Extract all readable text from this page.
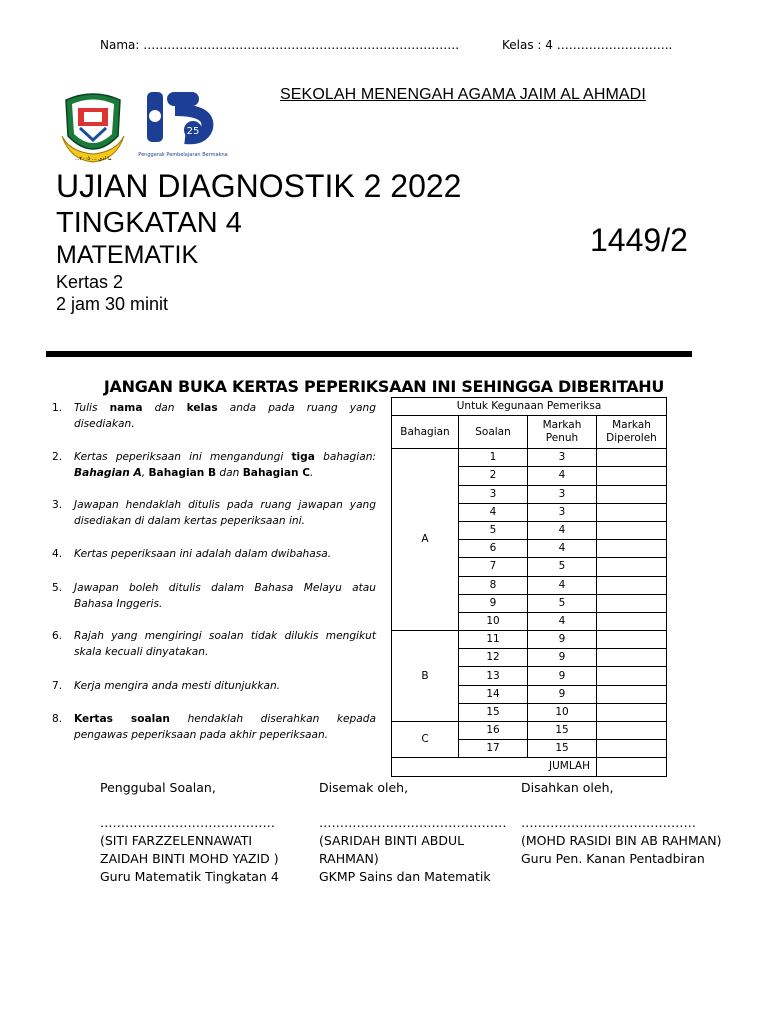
Nama: …………………………………………………………………….	Kelas : 4 ………………………..
…ما ادي … ٢٠٠٥
25
Penggerak Pembelajaran Bermakna
SEKOLAH MENENGAH AGAMA JAIM AL AHMADI
UJIAN DIAGNOSTIK 2 2022
TINGKATAN 4
MATEMATIK
Kertas 2
2 jam 30 minit
1449/2
JANGAN BUKA KERTAS PEPERIKSAAN INI SEHINGGA DIBERITAHU
1. Tulis nama dan kelas anda pada ruang yang disediakan.
2. Kertas peperiksaan ini mengandungi tiga bahagian: Bahagian A, Bahagian B dan Bahagian C.
3. Jawapan hendaklah ditulis pada ruang jawapan yang disediakan di dalam kertas peperiksaan ini.
4. Kertas peperiksaan ini adalah dalam dwibahasa.
5. Jawapan boleh ditulis dalam Bahasa Melayu atau Bahasa Inggeris.
6. Rajah yang mengiringi soalan tidak dilukis mengikut skala kecuali dinyatakan.
7. Kerja mengira anda mesti ditunjukkan.
8. Kertas soalan hendaklah diserahkan kepada pengawas peperiksaan pada akhir peperiksaan.
Untuk Kegunaan Pemeriksa			
Bahagian	Soalan	Markah Penuh	Markah Diperoleh
A	1	3	
	2	4	
	3	3	
	4	3	
	5	4	
	6	4	
	7	5	
	8	4	
	9	5	
	10	4	
B	11	9	
	12	9	
	13	9	
	14	9	
	15	10	
C	16	15	
	17	15	
JUMLAH			
Penggubal Soalan,
……………………………………
(SITI FARZZELENNAWATI
ZAIDAH BINTI MOHD YAZID )
Guru Matematik Tingkatan 4
Disemak oleh,
………………………………………
(SARIDAH BINTI ABDUL
RAHMAN)
GKMP Sains dan Matematik
Disahkan oleh,
……………………………………
(MOHD RASIDI BIN AB RAHMAN)
Guru Pen. Kanan Pentadbiran
